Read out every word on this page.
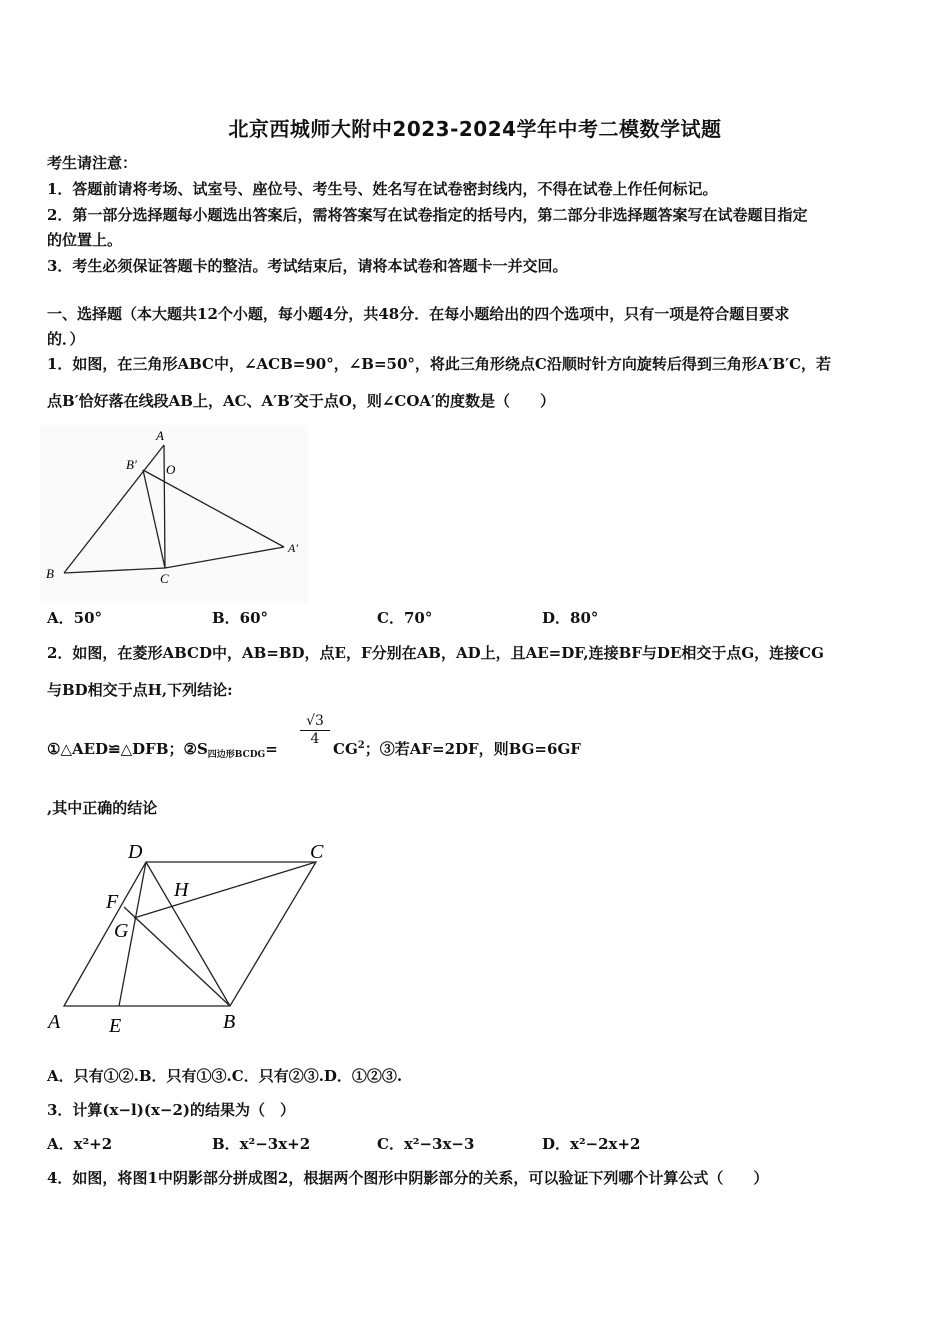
北京西城师大附中2023-2024学年中考二模数学试题
考生请注意：
1．答题前请将考场、试室号、座位号、考生号、姓名写在试卷密封线内，不得在试卷上作任何标记。
2．第一部分选择题每小题选出答案后，需将答案写在试卷指定的括号内，第二部分非选择题答案写在试卷题目指定
的位置上。
3．考生必须保证答题卡的整洁。考试结束后，请将本试卷和答题卡一并交回。
一、选择题（本大题共12个小题，每小题4分，共48分．在每小题给出的四个选项中，只有一项是符合题目要求
的．）
1．如图，在三角形ABC中，∠ACB=90°，∠B=50°，将此三角形绕点C沿顺时针方向旋转后得到三角形A′B′C，若
点B′恰好落在线段AB上，AC、A′B′交于点O，则∠COA′的度数是（　　）
A
B′ O
A′
B	C
A．50°	B．60°	C．70°	D．80°
2．如图，在菱形ABCD中，AB=BD，点E，F分别在AB，AD上，且AE=DF,连接BF与DE相交于点G，连接CG
与BD相交于点H,下列结论:
①△AED≌△DFB；$②S_{四边形BCDG}=$
$\frac{√3}{4}$
$CG^2$；③若AF=2DF，则BG=6GF
,其中正确的结论
D	C
F
H
G
A E	B
A．只有①②.B．只有①③.C．只有②③.D．①②③.
3．计算(x−l)(x−2)的结果为（　）
A．x²+2	B．x²−3x+2	C．x²−3x−3	D．x²−2x+2
4．如图，将图1中阴影部分拼成图2，根据两个图形中阴影部分的关系，可以验证下列哪个计算公式（　　）
